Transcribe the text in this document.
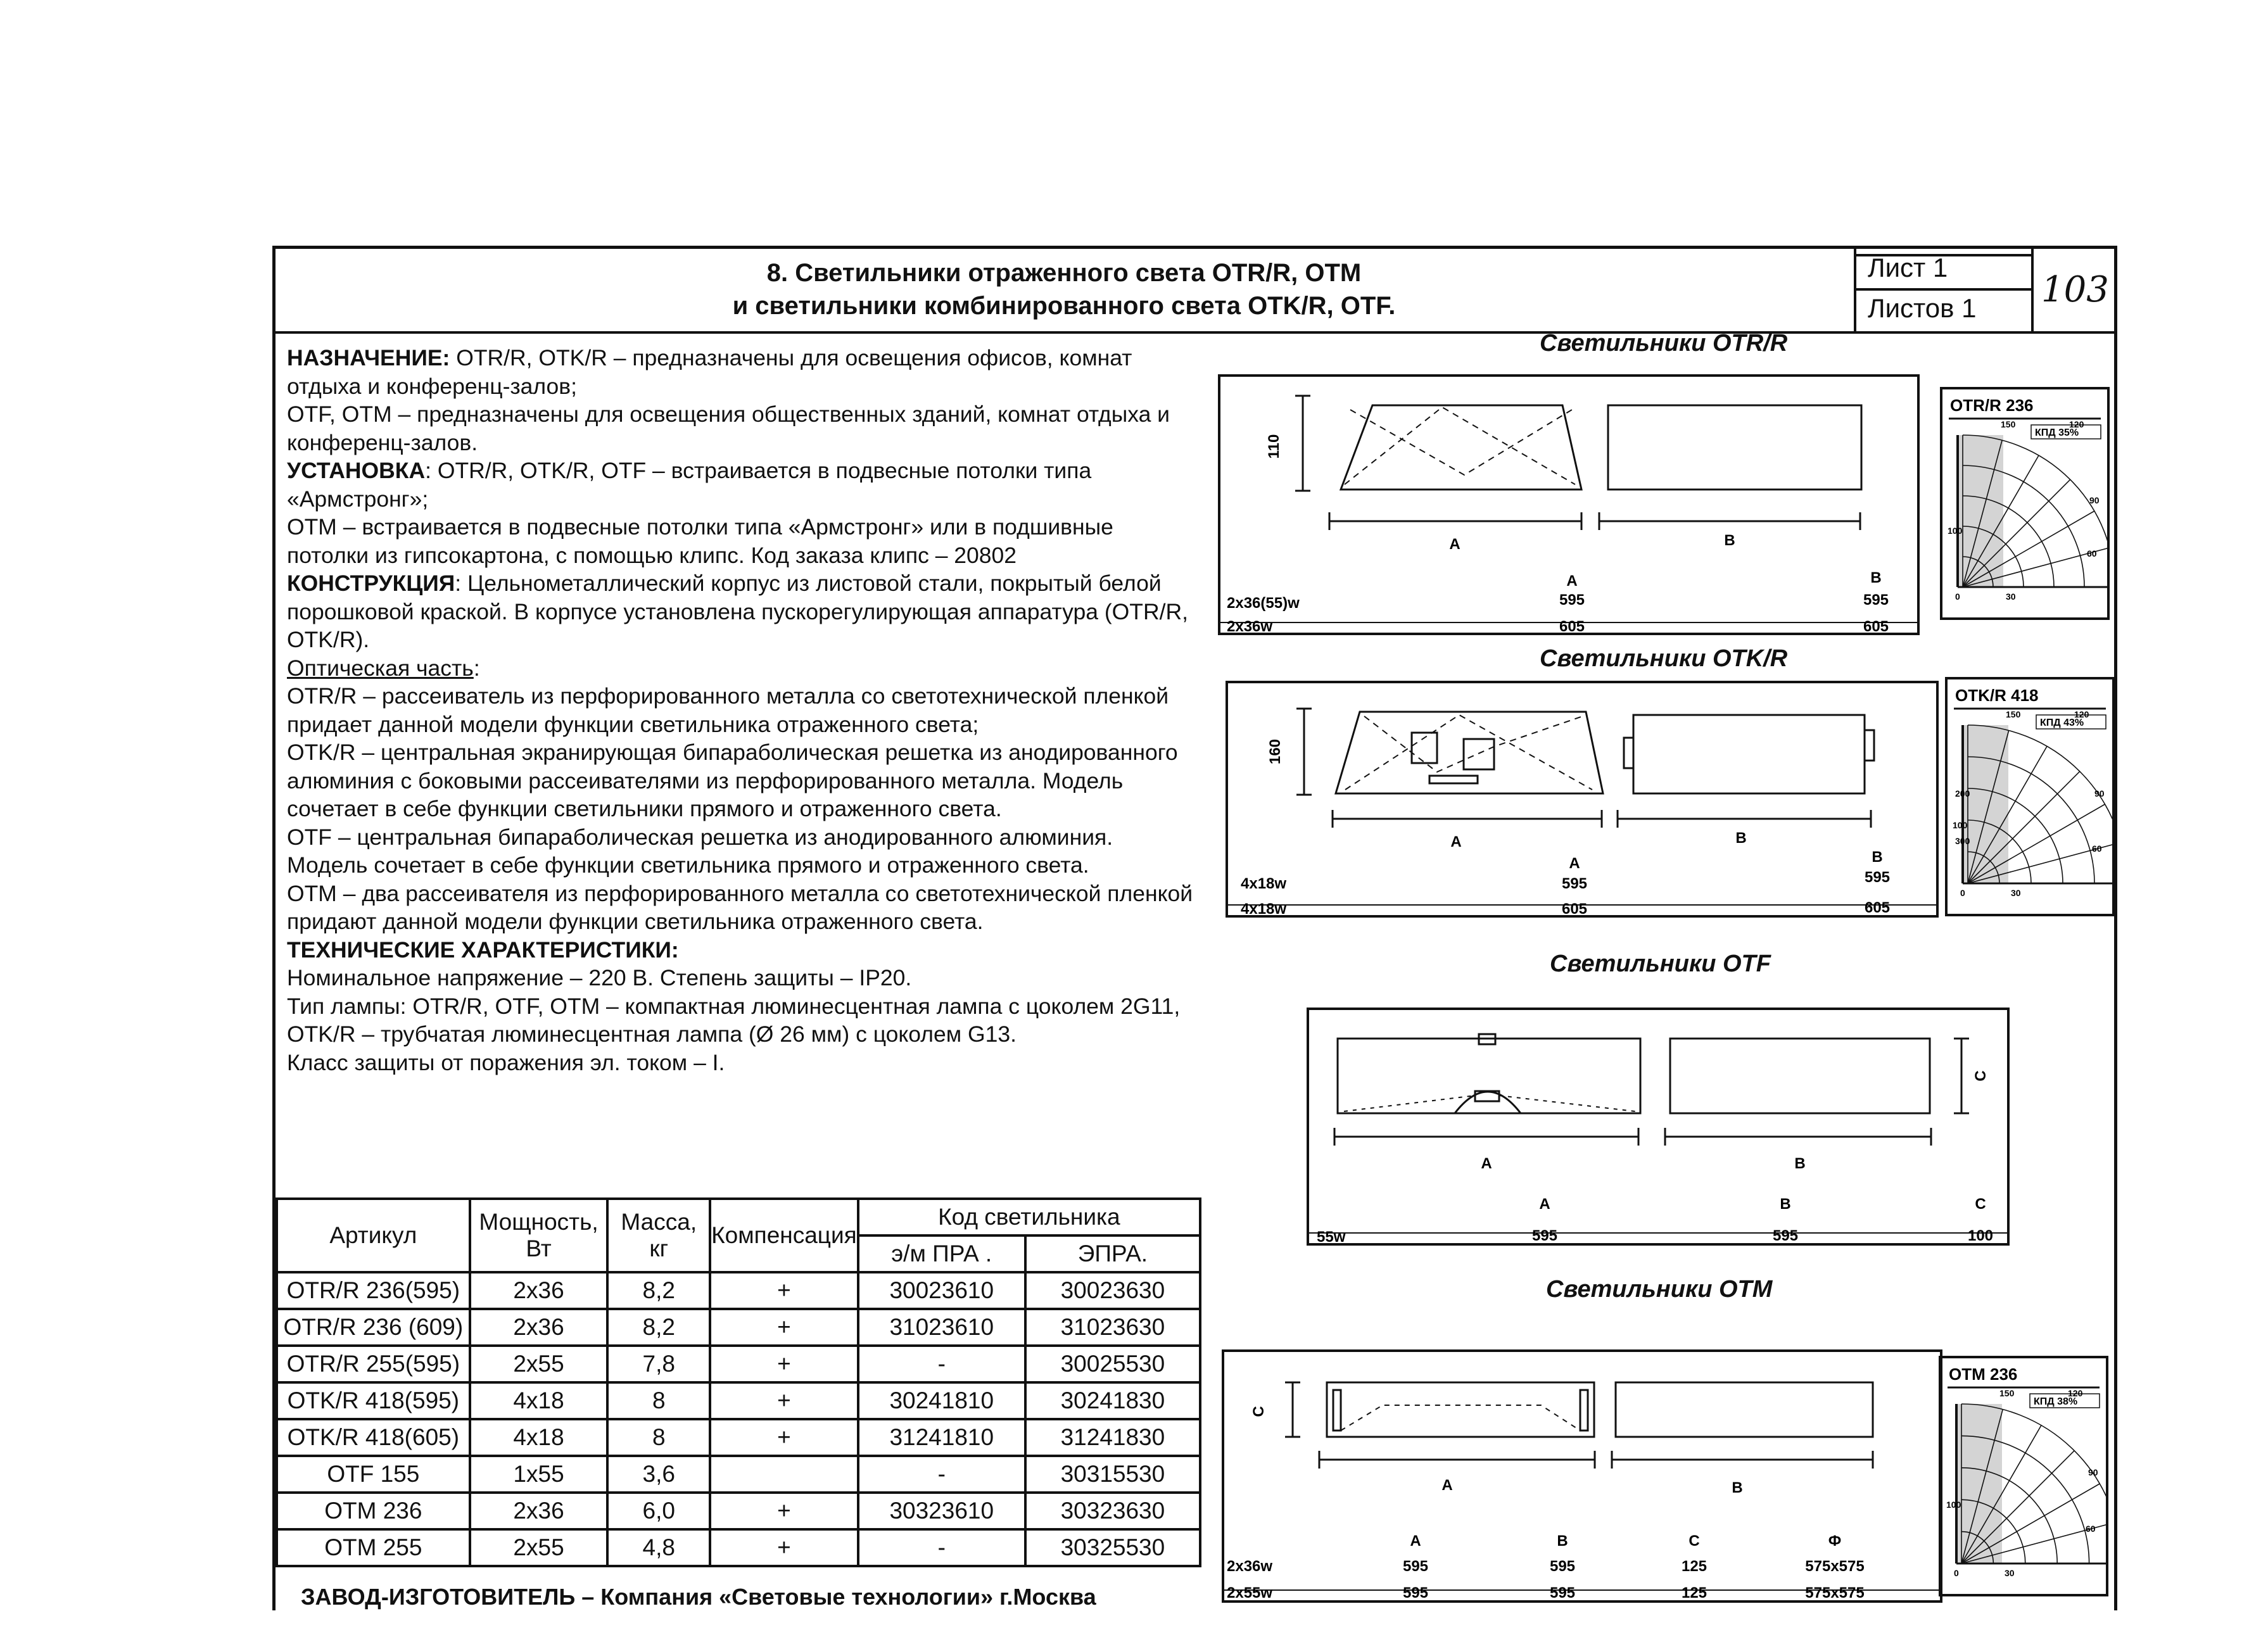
8. Светильники отраженного света OTR/R, OTM
и светильники комбинированного света OTK/R, OTF.
Лист 1
Листов 1	103

НАЗНАЧЕНИЕ: OTR/R, OTK/R – предназначены для освещения офисов, комнат отдыха и конференц-залов;

OTF, OTM – предназначены для освещения общественных зданий, комнат отдыха и конференц-залов.

УСТАНОВКА: OTR/R, OTK/R, OTF – встраивается в подвесные потолки типа «Армстронг»;

OTM – встраивается в подвесные потолки типа «Армстронг» или в подшивные потолки из гипсокартона, с помощью клипс. Код заказа клипс – 20802

КОНСТРУКЦИЯ: Цельнометаллический корпус из листовой стали, покрытый белой порошковой краской. В корпусе установлена пускорегулирующая аппаратура (OTR/R, OTK/R).

Оптическая часть:

OTR/R – рассеиватель из перфорированного металла со светотехнической пленкой придает данной модели функции светильника отраженного света;

OTK/R – центральная экранирующая бипараболическая решетка из анодированного алюминия с боковыми рассеивателями из перфорированного металла. Модель сочетает в себе функции светильники прямого и отраженного света.

OTF – центральная бипараболическая решетка из анодированного алюминия. Модель сочетает в себе функции светильника прямого и отраженного света.

OTM – два рассеивателя из перфорированного металла со светотехнической пленкой придают данной модели функции светильника отраженного света.

ТЕХНИЧЕСКИЕ ХАРАКТЕРИСТИКИ:

Номинальное напряжение – 220 В. Степень защиты – IP20.

Тип лампы: OTR/R, OTF, OTM – компактная люминесцентная лампа с цоколем 2G11,

OTK/R – трубчатая люминесцентная лампа (Ø 26 мм) с цоколем G13.

Класс защиты от поражения эл. током – I.

Артикул	Мощность, Вт	Масса, кг	Компенсация	Код светильника	
				э/м ПРА .	ЭПРА.
OTR/R 236(595)	2x36	8,2	+	30023610	30023630
OTR/R 236 (609)	2x36	8,2	+	31023610	31023630
OTR/R 255(595)	2x55	7,8	+	-	30025530
OTK/R 418(595)	4x18	8	+	30241810	30241830
OTK/R 418(605)	4x18	8	+	31241810	31241830
OTF 155	1x55	3,6		-	30315530
OTM 236	2x36	6,0	+	30323610	30323630
OTM 255	2x55	4,8	+	-	30325530
ЗАВОД-ИЗГОТОВИТЕЛЬ – Компания «Световые технологии» г.Москва
Светильники OTR/R
110
A	B
A	B
2x36(55)w	595	595
2x36w	605	605
OTR/R 236
КПД 35%
150	120
90
100
60
0	30
Светильники OTK/R
160
A	B
A	B
4x18w	595	595
4x18w	605	605
OTK/R 418
КПД 43%
150	120
90
100
60
200
300
0	30
Светильники OTF
C
A	B
A	B	C
55w	595	595	100
Светильники OTM
C
A	B
A	B	C	Ф
2x36w	595	595	125	575x575
2x55w	595	595	125	575x575
OTM 236
КПД 38%
150	120
90
100
60
0	30
